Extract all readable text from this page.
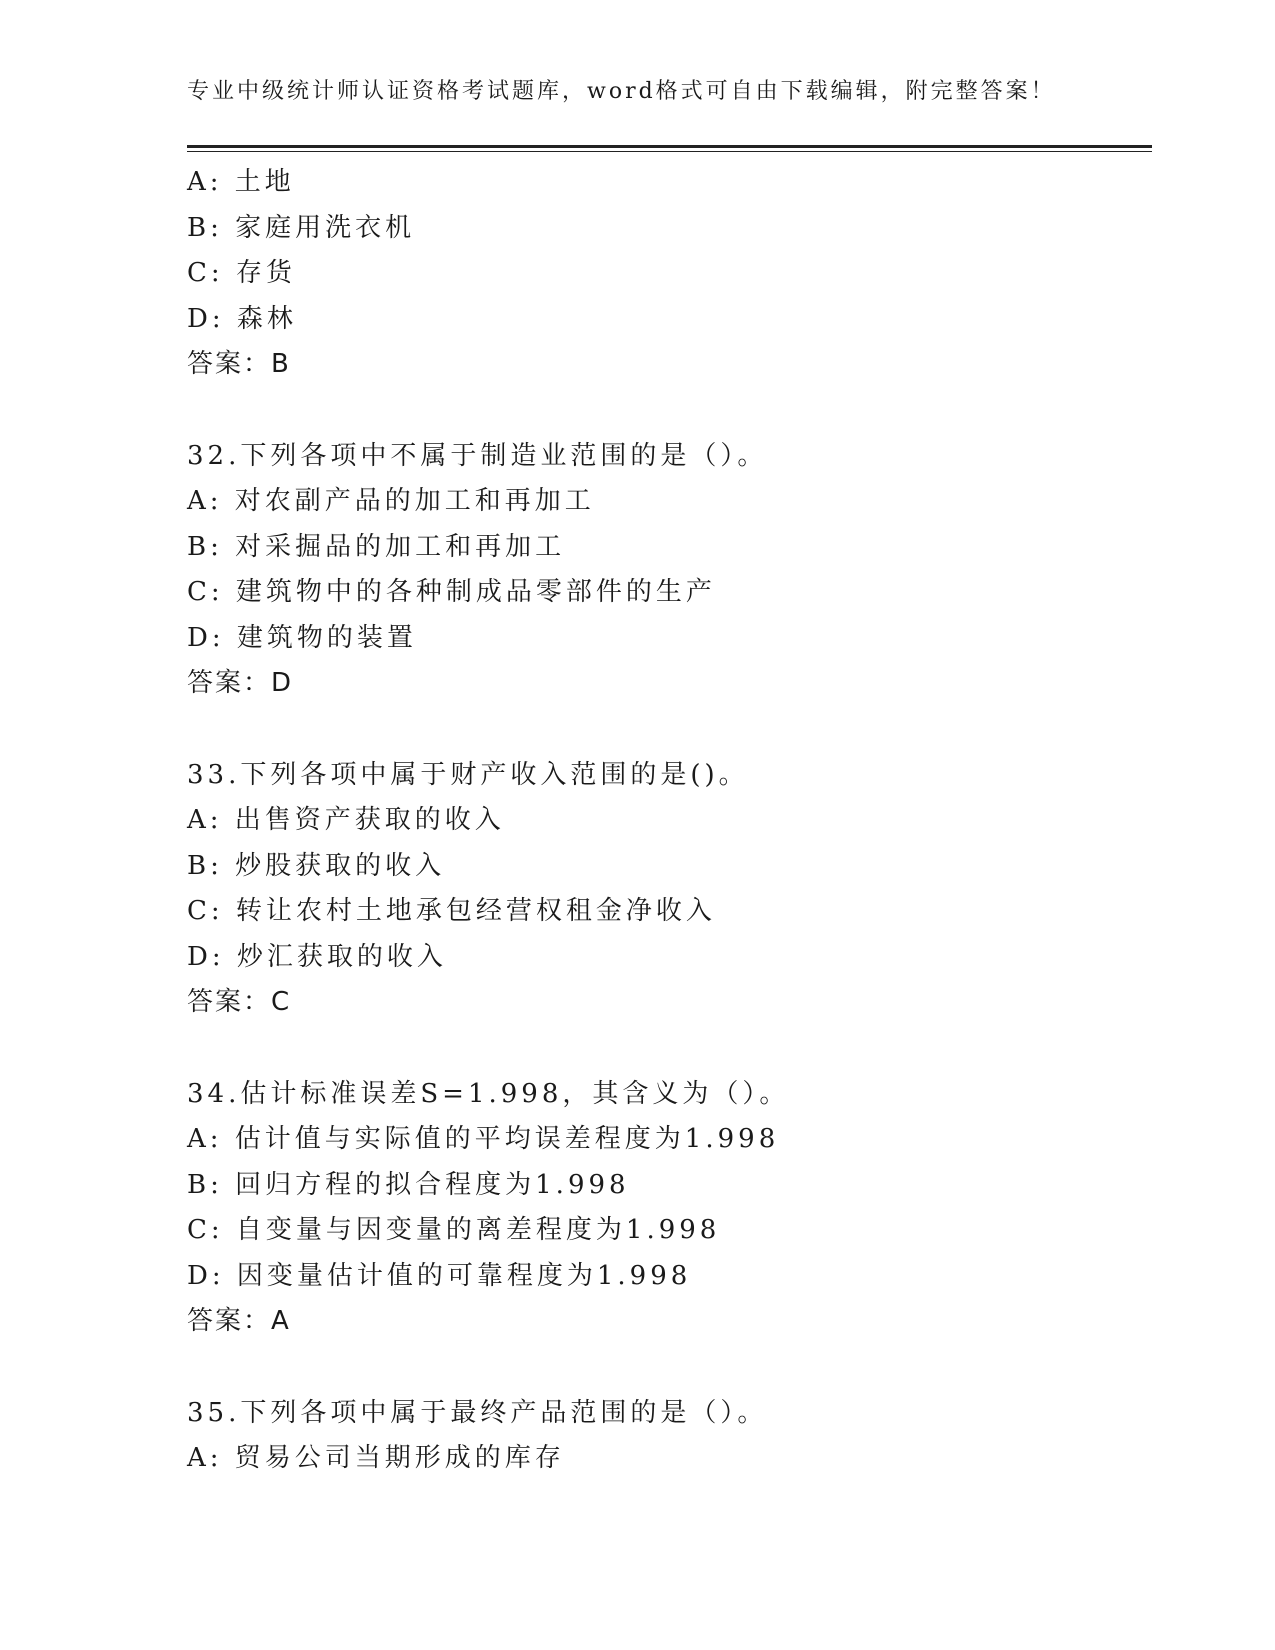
专业中级统计师认证资格考试题库，word格式可自由下载编辑，附完整答案！
A: 土地
B: 家庭用洗衣机
C: 存货
D: 森林
答案：B
32.下列各项中不属于制造业范围的是（）。
A: 对农副产品的加工和再加工
B: 对采掘品的加工和再加工
C: 建筑物中的各种制成品零部件的生产
D: 建筑物的装置
答案：D
33.下列各项中属于财产收入范围的是()。
A: 出售资产获取的收入
B: 炒股获取的收入
C: 转让农村土地承包经营权租金净收入
D: 炒汇获取的收入
答案：C
34.估计标准误差S=1.998，其含义为（）。
A: 估计值与实际值的平均误差程度为1.998
B: 回归方程的拟合程度为1.998
C: 自变量与因变量的离差程度为1.998
D: 因变量估计值的可靠程度为1.998
答案：A
35.下列各项中属于最终产品范围的是（）。
A: 贸易公司当期形成的库存
